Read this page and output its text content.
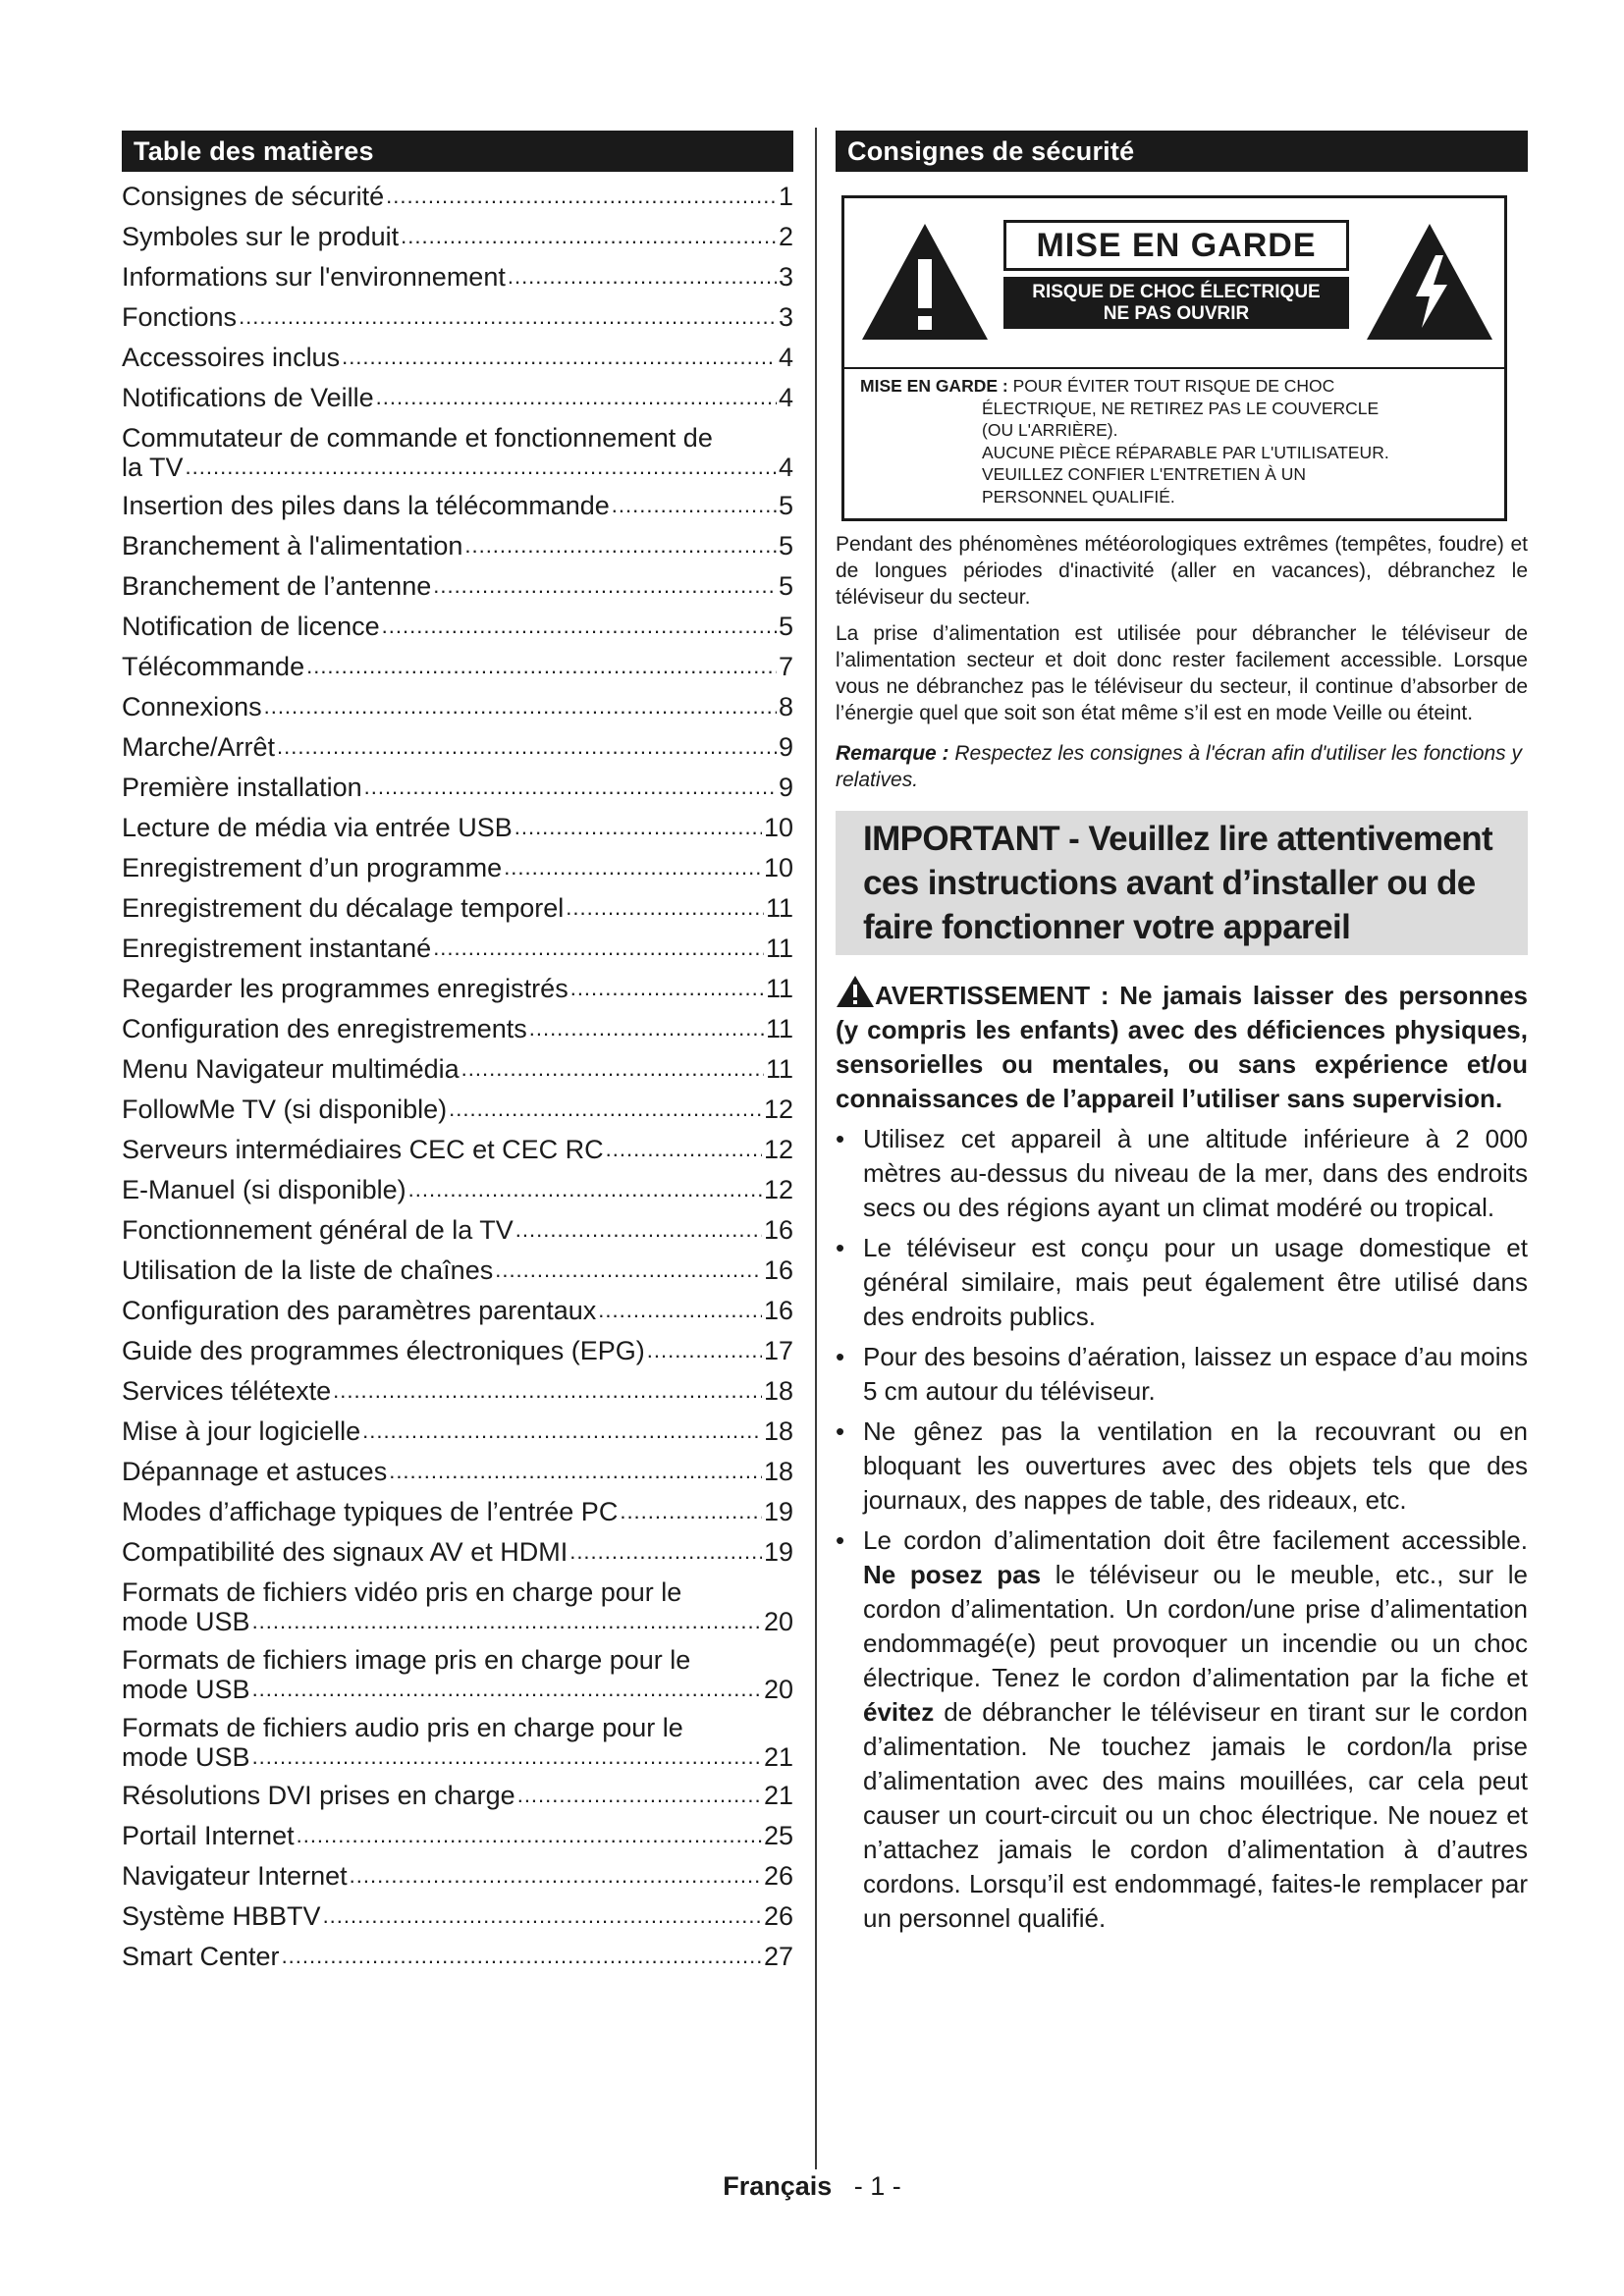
Table des matières
Consignes de sécurité .....	1
Symboles sur le produit .....	2
Informations sur l'environnement .....	3
Fonctions .....	3
Accessoires inclus .....	4
Notifications de Veille .....	4
Commutateur de commande et fonctionnement de
la TV .....	4
Insertion des piles dans la télécommande .....	5
Branchement à l'alimentation .....	5
Branchement de l’antenne .....	5
Notification de licence .....	5
Télécommande .....	7
Connexions .....	8
Marche/Arrêt .....	9
Première installation .....	9
Lecture de média via entrée USB .....	10
Enregistrement d’un programme .....	10
Enregistrement du décalage temporel .....	11
Enregistrement instantané .....	11
Regarder les programmes enregistrés .....	11
Configuration des enregistrements .....	11
Menu Navigateur multimédia .....	11
FollowMe TV (si disponible) .....	12
Serveurs intermédiaires CEC et CEC RC .....	12
E-Manuel (si disponible) .....	12
Fonctionnement général de la TV .....	16
Utilisation de la liste de chaînes .....	16
Configuration des paramètres parentaux .....	16
Guide des programmes électroniques (EPG) .....	17
Services télétexte .....	18
Mise à jour logicielle .....	18
Dépannage et astuces .....	18
Modes d’affichage typiques de l’entrée PC .....	19
Compatibilité des signaux AV et HDMI .....	19
Formats de fichiers vidéo pris en charge pour le
mode USB .....	20
Formats de fichiers image pris en charge pour le
mode USB .....	20
Formats de fichiers audio pris en charge pour le
mode USB .....	21
Résolutions DVI prises en charge .....	21
Portail Internet .....	25
Navigateur Internet .....	26
Système HBBTV .....	26
Smart Center .....	27
Consignes de sécurité
MISE EN GARDE
RISQUE DE CHOC ÉLECTRIQUE
NE PAS OUVRIR
MISE EN GARDE : POUR ÉVITER TOUT RISQUE DE CHOC
ÉLECTRIQUE, NE RETIREZ PAS LE COUVERCLE
(OU L'ARRIÈRE).
AUCUNE PIÈCE RÉPARABLE PAR L'UTILISATEUR.
VEUILLEZ CONFIER L'ENTRETIEN À UN
PERSONNEL QUALIFIÉ.

Pendant des phénomènes météorologiques extrêmes (tempêtes, foudre) et de longues périodes d'inactivité (aller en vacances), débranchez le téléviseur du secteur.

La prise d’alimentation est utilisée pour débrancher le téléviseur de l’alimentation secteur et doit donc rester facilement accessible. Lorsque vous ne débranchez pas le téléviseur du secteur, il continue d’absorber de l’énergie quel que soit son état même s’il est en mode Veille ou éteint.

Remarque : Respectez les consignes à l'écran afin d'utiliser les fonctions y relatives.
IMPORTANT - Veuillez lire attentivement ces instructions avant d’installer ou de faire fonctionner votre appareil
AVERTISSEMENT : Ne jamais laisser des personnes (y compris les enfants) avec des déficiences physiques, sensorielles ou mentales, ou sans expérience et/ou connaissances de l’appareil l’utiliser sans supervision.
• Utilisez cet appareil à une altitude inférieure à 2 000 mètres au-dessus du niveau de la mer, dans des endroits secs ou des régions ayant un climat modéré ou tropical.
• Le téléviseur est conçu pour un usage domestique et général similaire, mais peut également être utilisé dans des endroits publics.
• Pour des besoins d’aération, laissez un espace d’au moins 5 cm autour du téléviseur.
• Ne gênez pas la ventilation en la recouvrant ou en bloquant les ouvertures avec des objets tels que des journaux, des nappes de table, des rideaux, etc.
• Le cordon d’alimentation doit être facilement accessible. Ne posez pas le téléviseur ou le meuble, etc., sur le cordon d’alimentation. Un cordon/une prise d’alimentation endommagé(e) peut provoquer un incendie ou un choc électrique. Tenez le cordon d’alimentation par la fiche et évitez de débrancher le téléviseur en tirant sur le cordon d’alimentation. Ne touchez jamais le cordon/la prise d’alimentation avec des mains mouillées, car cela peut causer un court-circuit ou un choc électrique. Ne nouez et n’attachez jamais le cordon d’alimentation à d’autres cordons. Lorsqu’il est endommagé, faites-le remplacer par un personnel qualifié.
Français - 1 -
